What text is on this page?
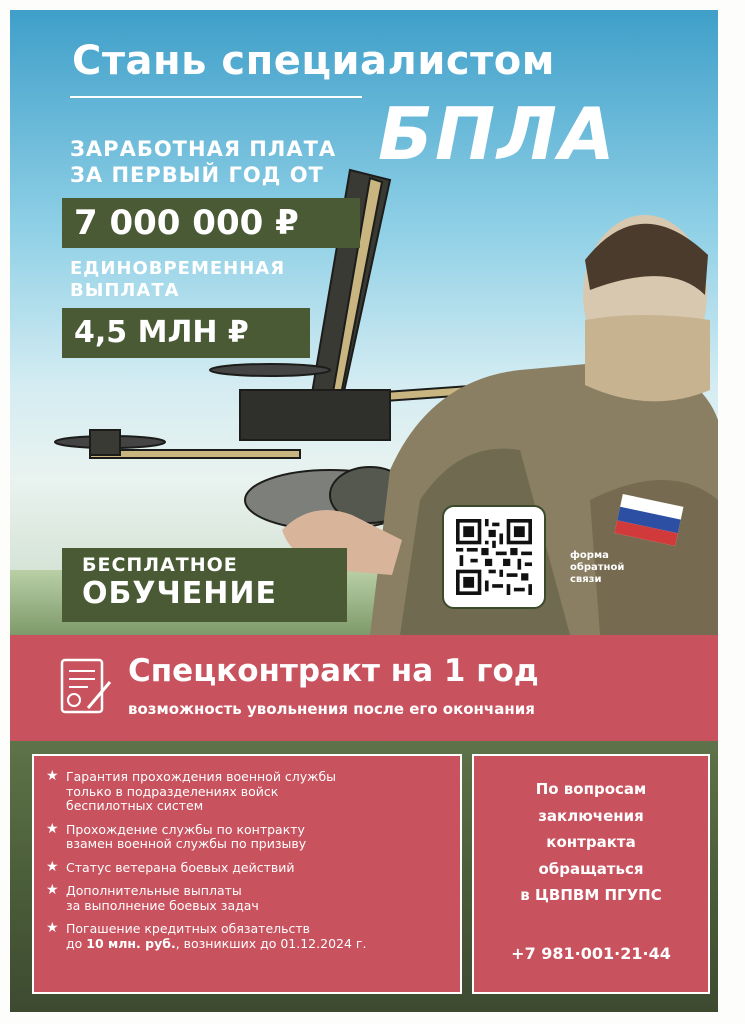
Стань специалистом
БПЛА
ЗАРАБОТНАЯ ПЛАТА
ЗА ПЕРВЫЙ ГОД ОТ
7 000 000 ₽
ЕДИНОВРЕМЕННАЯ
ВЫПЛАТА
4,5 МЛН ₽
БЕСПЛАТНОЕ
ОБУЧЕНИЕ
форма
обратной
связи
Спецконтракт на 1 год
возможность увольнения после его окончания
★ Гарантия прохождения военной службы
только в подразделениях войск
беспилотных систем
★ Прохождение службы по контракту
взамен военной службы по призыву
★ Статус ветерана боевых действий
★ Дополнительные выплаты
за выполнение боевых задач
★ Погашение кредитных обязательств
до 10 млн. руб., возникших до 01.12.2024 г.
По вопросам
заключения
контракта
обращаться
в ЦВПВМ ПГУПС
+7 981·001·21·44
